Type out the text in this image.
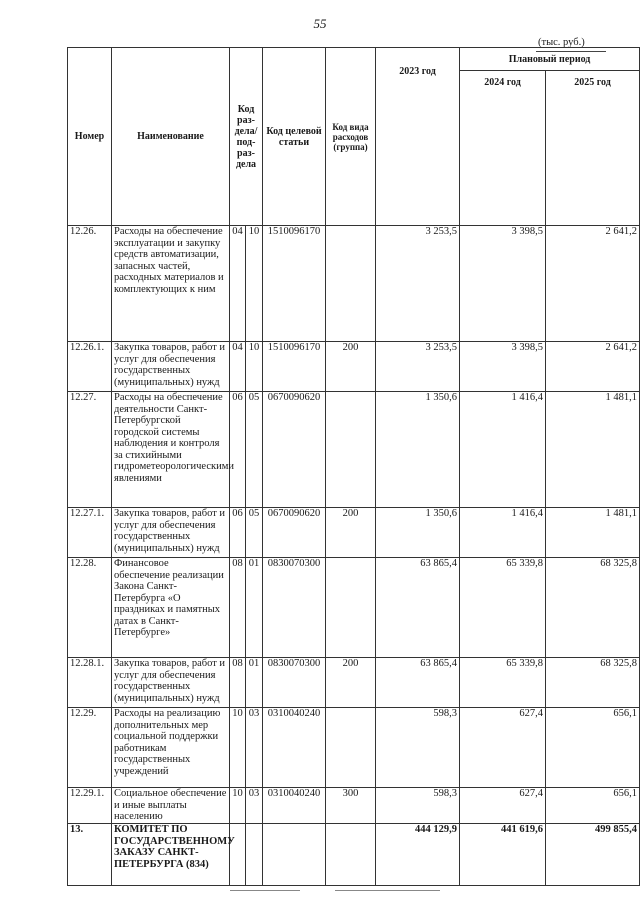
55
(тыс. руб.)
Номер	Наименование	Код раз-дела/ под-раз-дела		Код целевой статьи	Код вида расходов (группа)	2023 год	Плановый период	
							2024 год	2025 год
12.26.	Расходы на обеспечение эксплуатации и закупку средств автоматизации, запасных частей, расходных материалов и комплектующих к ним	04	10	1510096170		3 253,5	3 398,5	2 641,2
12.26.1.	Закупка товаров, работ и услуг для обеспечения государственных (муниципальных) нужд	04	10	1510096170	200	3 253,5	3 398,5	2 641,2
12.27.	Расходы на обеспечение деятельности Санкт-Петербургской городской системы наблюдения и контроля за стихийными гидрометеорологическими явлениями	06	05	0670090620		1 350,6	1 416,4	1 481,1
12.27.1.	Закупка товаров, работ и услуг для обеспечения государственных (муниципальных) нужд	06	05	0670090620	200	1 350,6	1 416,4	1 481,1
12.28.	Финансовое обеспечение реализации Закона Санкт-Петербурга «О праздниках и памятных датах в Санкт-Петербурге»	08	01	0830070300		63 865,4	65 339,8	68 325,8
12.28.1.	Закупка товаров, работ и услуг для обеспечения государственных (муниципальных) нужд	08	01	0830070300	200	63 865,4	65 339,8	68 325,8
12.29.	Расходы на реализацию дополнительных мер социальной поддержки работникам государственных учреждений	10	03	0310040240		598,3	627,4	656,1
12.29.1.	Социальное обеспечение и иные выплаты населению	10	03	0310040240	300	598,3	627,4	656,1
13.	КОМИТЕТ ПО ГОСУДАРСТВЕННОМУ ЗАКАЗУ САНКТ-ПЕТЕРБУРГА (834)					444 129,9	441 619,6	499 855,4
